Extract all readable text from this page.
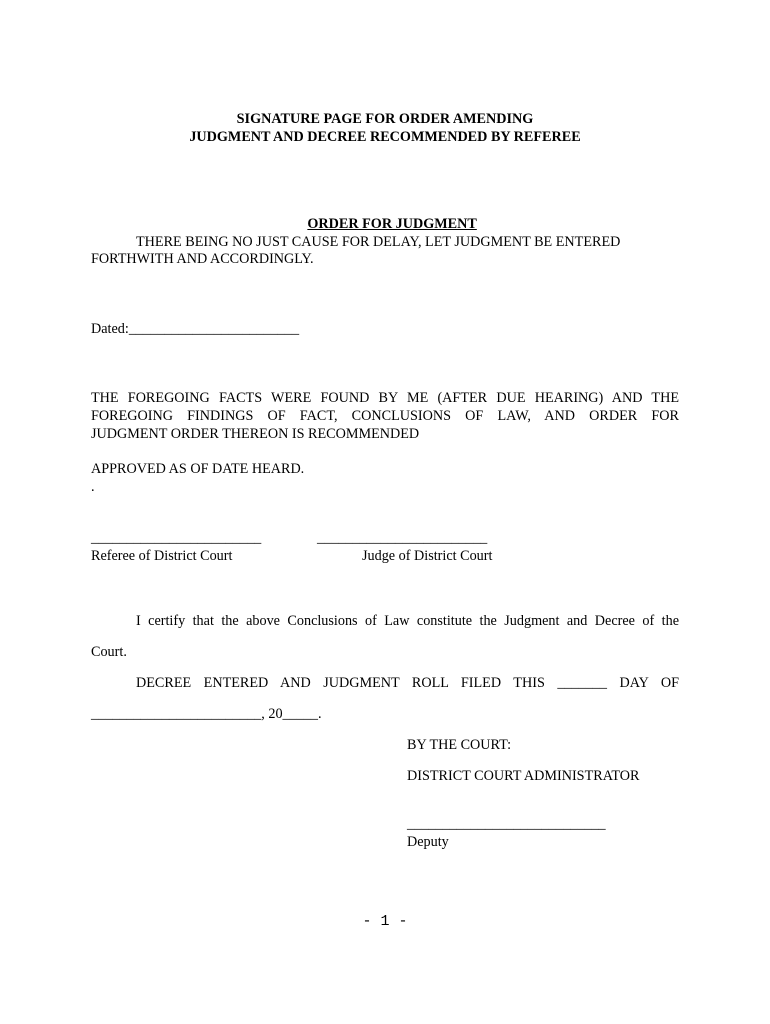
SIGNATURE PAGE FOR ORDER AMENDING
JUDGMENT AND DECREE RECOMMENDED BY REFEREE

ORDER FOR JUDGMENT

THERE BEING NO JUST CAUSE FOR DELAY, LET JUDGMENT BE ENTERED
FORTHWITH AND ACCORDINGLY.
Dated:________________________
THE FOREGOING FACTS WERE FOUND BY ME (AFTER DUE HEARING) AND THE
FOREGOING FINDINGS OF FACT, CONCLUSIONS OF LAW, AND ORDER FOR
JUDGMENT ORDER THEREON IS RECOMMENDED
APPROVED AS OF DATE HEARD.
.
________________________	________________________
Referee of District Court	Judge of District Court
I certify that the above Conclusions of Law constitute the Judgment and Decree of the
Court.
DECREE ENTERED AND JUDGMENT ROLL FILED THIS _______ DAY OF
________________________, 20_____.
BY THE COURT:
DISTRICT COURT ADMINISTRATOR
____________________________
Deputy
- 1 -
